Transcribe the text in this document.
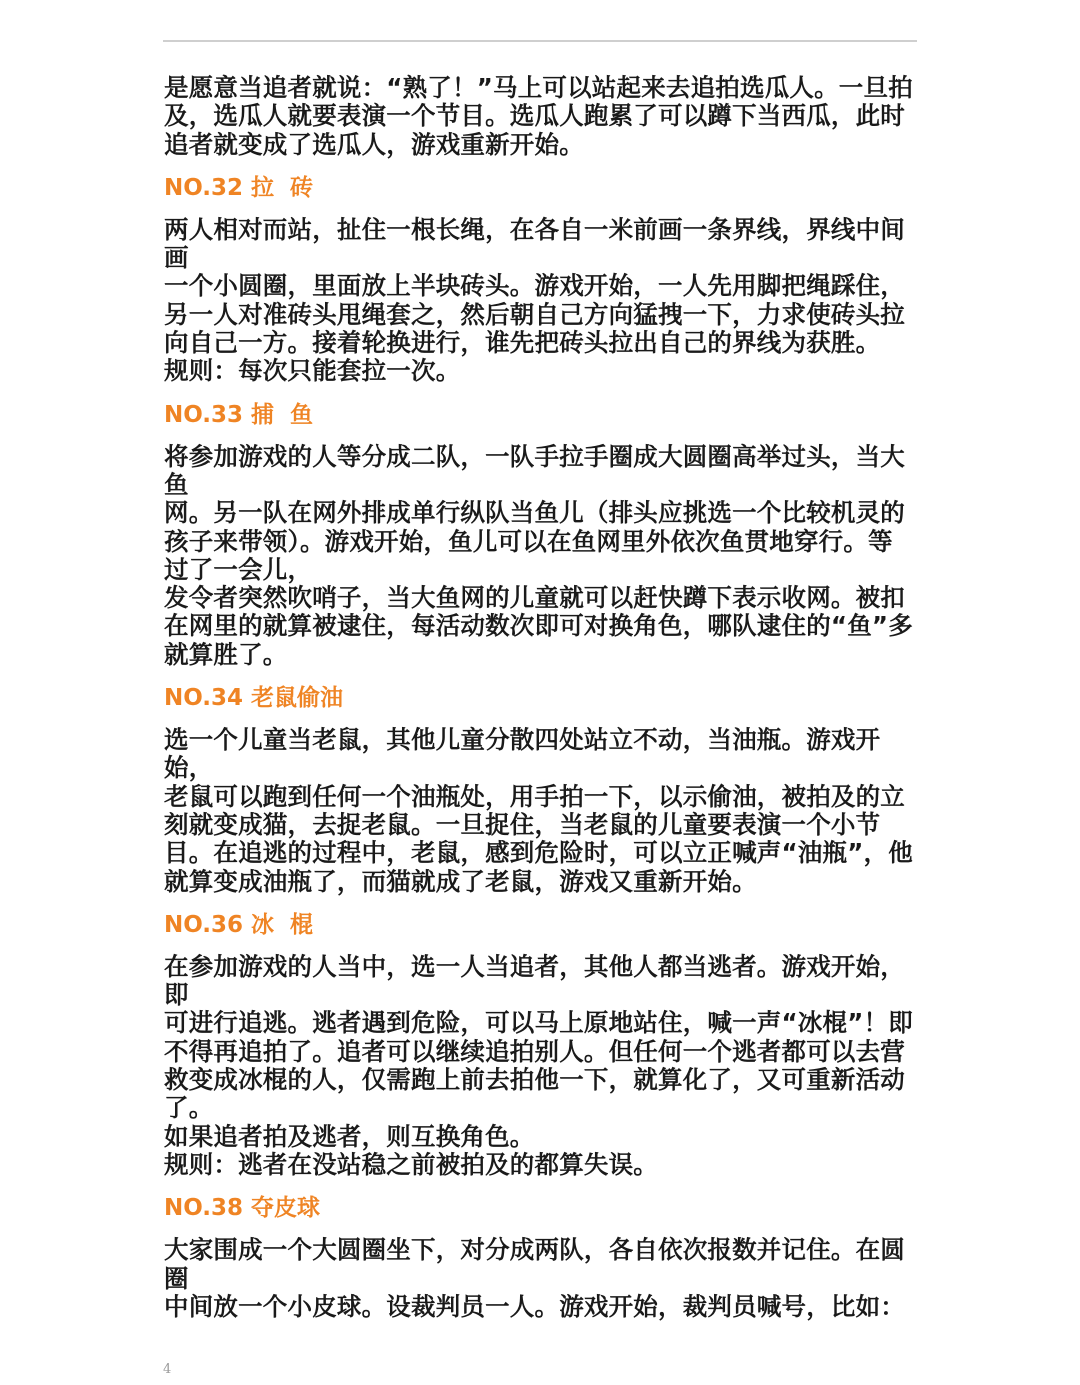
是愿意当追者就说：“熟了！”马上可以站起来去追拍选瓜人。一旦拍
及，选瓜人就要表演一个节目。选瓜人跑累了可以蹲下当西瓜，此时
追者就变成了选瓜人，游戏重新开始。

NO.32 拉  砖

两人相对而站，扯住一根长绳，在各自一米前画一条界线，界线中间
画
一个小圆圈，里面放上半块砖头。游戏开始，一人先用脚把绳踩住，
另一人对准砖头甩绳套之，然后朝自己方向猛拽一下，力求使砖头拉
向自己一方。接着轮换进行，谁先把砖头拉出自己的界线为获胜。
规则：每次只能套拉一次。

NO.33 捕  鱼

将参加游戏的人等分成二队，一队手拉手圈成大圆圈高举过头，当大
鱼
网。另一队在网外排成单行纵队当鱼儿（排头应挑选一个比较机灵的
孩子来带领）。游戏开始，鱼儿可以在鱼网里外依次鱼贯地穿行。等
过了一会儿，
发令者突然吹哨子，当大鱼网的儿童就可以赶快蹲下表示收网。被扣
在网里的就算被逮住，每活动数次即可对换角色，哪队逮住的“鱼”多
就算胜了。

NO.34 老鼠偷油

选一个儿童当老鼠，其他儿童分散四处站立不动，当油瓶。游戏开
始，
老鼠可以跑到任何一个油瓶处，用手拍一下，以示偷油，被拍及的立
刻就变成猫，去捉老鼠。一旦捉住，当老鼠的儿童要表演一个小节
目。在追逃的过程中，老鼠，感到危险时，可以立正喊声“油瓶”，他
就算变成油瓶了，而猫就成了老鼠，游戏又重新开始。

NO.36 冰  棍

在参加游戏的人当中，选一人当追者，其他人都当逃者。游戏开始，
即
可进行追逃。逃者遇到危险，可以马上原地站住，喊一声“冰棍”！即
不得再追拍了。追者可以继续追拍别人。但任何一个逃者都可以去营
救变成冰棍的人，仅需跑上前去拍他一下，就算化了，又可重新活动
了。
如果追者拍及逃者，则互换角色。
规则：逃者在没站稳之前被拍及的都算失误。

NO.38 夺皮球

大家围成一个大圆圈坐下，对分成两队，各自依次报数并记住。在圆
圈
中间放一个小皮球。设裁判员一人。游戏开始，裁判员喊号，比如：

4
